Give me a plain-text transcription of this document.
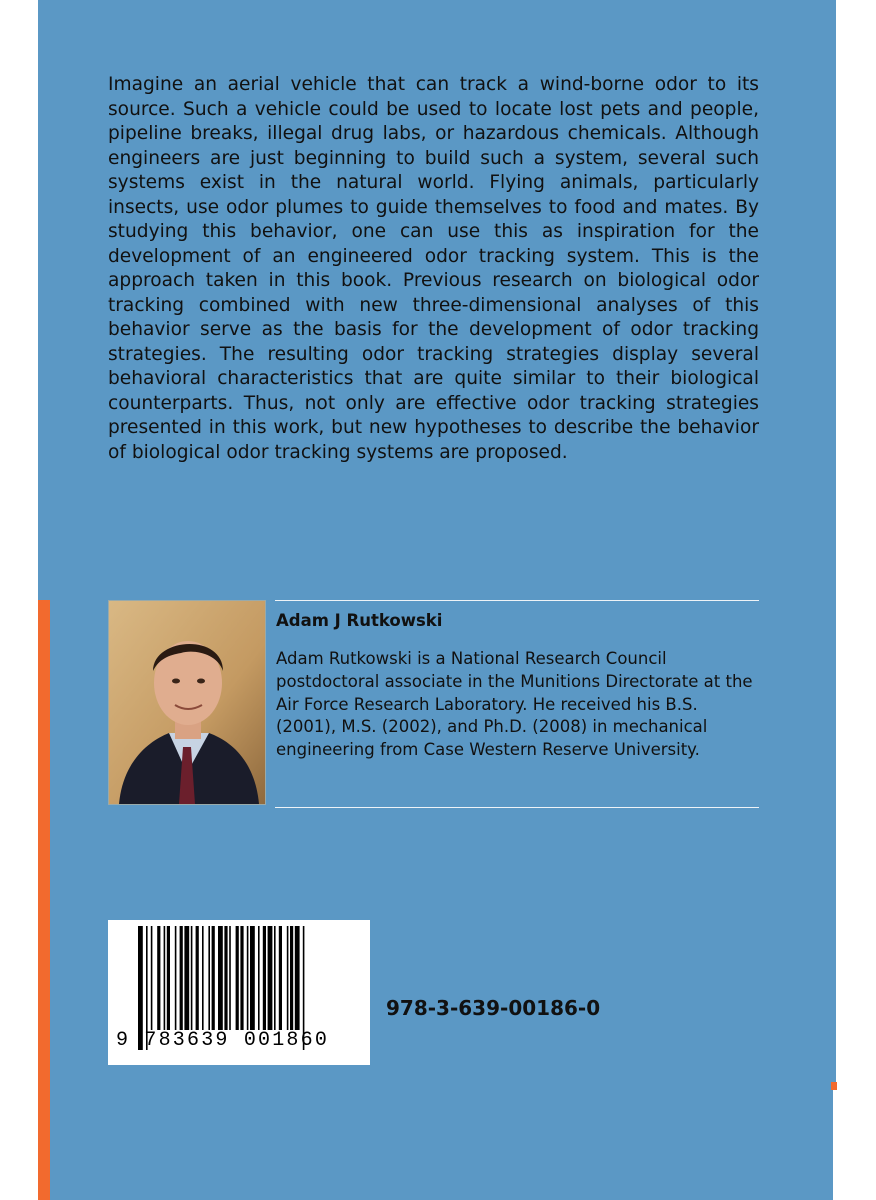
Imagine an aerial vehicle that can track a wind-borne odor to its source. Such a vehicle could be used to locate lost pets and people, pipeline breaks, illegal drug labs, or hazardous chemicals. Although engineers are just beginning to build such a system, several such systems exist in the natural world. Flying animals, particularly insects, use odor plumes to guide themselves to food and mates. By studying this behavior, one can use this as inspiration for the development of an engineered odor tracking system. This is the approach taken in this book. Previous research on biological odor tracking combined with new three-dimensional analyses of this behavior serve as the basis for the development of odor tracking strategies. The resulting odor tracking strategies display several behavioral characteristics that are quite similar to their biological counterparts. Thus, not only are effective odor tracking strategies presented in this work, but new hypotheses to describe the behavior of biological odor tracking systems are proposed.

Adam J Rutkowski

Adam Rutkowski is a National Research Council postdoctoral associate in the Munitions Directorate at the Air Force Research Laboratory. He received his B.S. (2001), M.S. (2002), and Ph.D. (2008) in mechanical engineering from Case Western Reserve University.

9 783639 001860
978-3-639-00186-0
